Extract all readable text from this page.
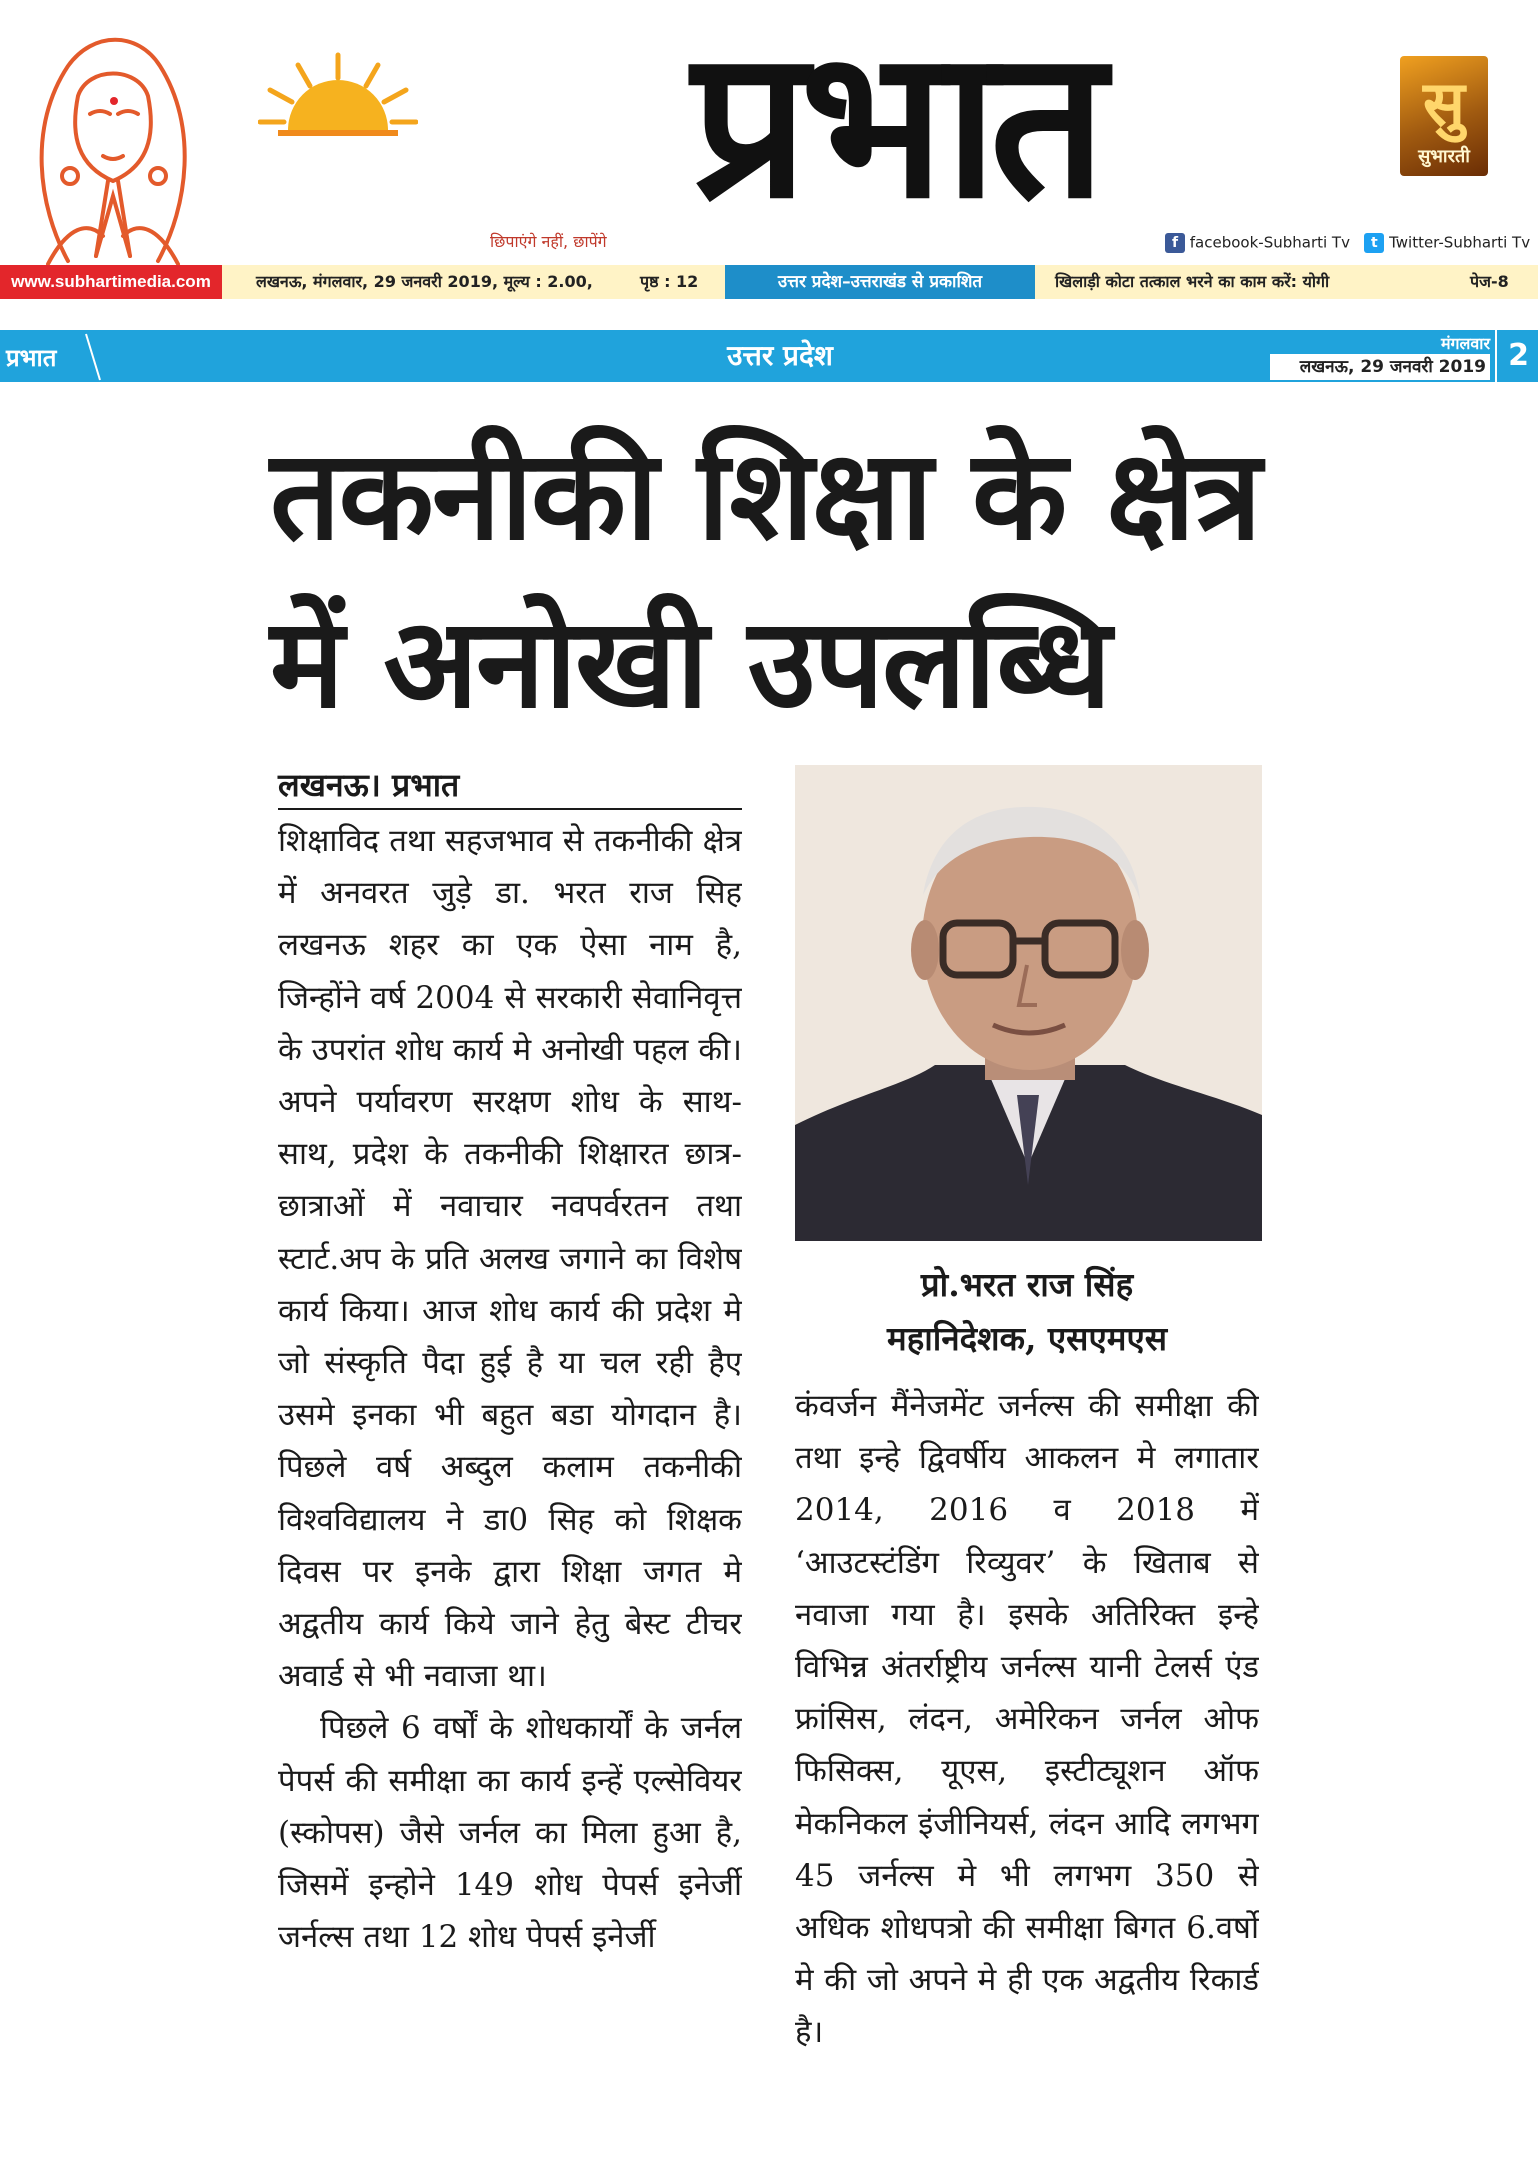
प्रभात
छिपाएंगे नहीं, छापेंगे
सु
सुभारती
f facebook-Subharti Tv t Twitter-Subharti Tv
www.subhartimedia.com	लखनऊ, मंगलवार, 29 जनवरी 2019, मूल्य : 2.00,	पृष्ठ : 12	उत्तर प्रदेश–उत्तराखंड से प्रकाशित	खिलाड़ी कोटा तत्काल भरने का काम करें: योगी	पेज-8
प्रभात	उत्तर प्रदेश	मंगलवार
लखनऊ, 29 जनवरी 2019 2
तकनीकी शिक्षा के क्षेत्र
में अनोखी उपलब्धि
लखनऊ। प्रभात

शिक्षाविद तथा सहजभाव से तकनीकी क्षेत्र में अनवरत जुड़े डा. भरत राज सिह लखनऊ शहर का एक ऐसा नाम है, जिन्होंने वर्ष 2004 से सरकारी सेवानिवृत्त के उपरांत शोध कार्य मे अनोखी पहल की। अपने पर्यावरण सरक्षण शोध के साथ-साथ, प्रदेश के तकनीकी शिक्षारत छात्र-छात्राओं में नवाचार नवपर्वरतन तथा स्टार्ट.अप के प्रति अलख जगाने का विशेष कार्य किया। आज शोध कार्य की प्रदेश मे जो संस्कृति पैदा हुई है या चल रही हैए उसमे इनका भी बहुत बडा योगदान है। पिछले वर्ष अब्दुल कलाम तकनीकी विश्वविद्यालय ने डा0 सिह को शिक्षक दिवस पर इनके द्वारा शिक्षा जगत मे अद्वतीय कार्य किये जाने हेतु बेस्ट टीचर अवार्ड से भी नवाजा था।

पिछले 6 वर्षों के शोधकार्यों के जर्नल पेपर्स की समीक्षा का कार्य इन्हें एल्सेवियर (स्कोपस) जैसे जर्नल का मिला हुआ है, जिसमें इन्होने 149 शोध पेपर्स इनेर्जी जर्नल्स तथा 12 शोध पेपर्स इनेर्जी

प्रो.भरत राज सिंह
महानिदेशक, एसएमएस

कंवर्जन मैंनेजमेंट जर्नल्स की समीक्षा की तथा इन्हे द्विवर्षीय आकलन मे लगातार 2014, 2016 व 2018 में ‘आउटस्टंडिंग रिव्युवर’ के खिताब से नवाजा गया है। इसके अतिरिक्त इन्हे विभिन्न अंतर्राष्ट्रीय जर्नल्स यानी टेलर्स एंड फ्रांसिस, लंदन, अमेरिकन जर्नल ओफ फिसिक्स, यूएस, इस्टीट्यूशन ऑफ मेकनिकल इंजीनियर्स, लंदन आदि लगभग 45 जर्नल्स मे भी लगभग 350 से अधिक शोधपत्रो की समीक्षा बिगत 6.वर्षो मे की जो अपने मे ही एक अद्वतीय रिकार्ड है।
